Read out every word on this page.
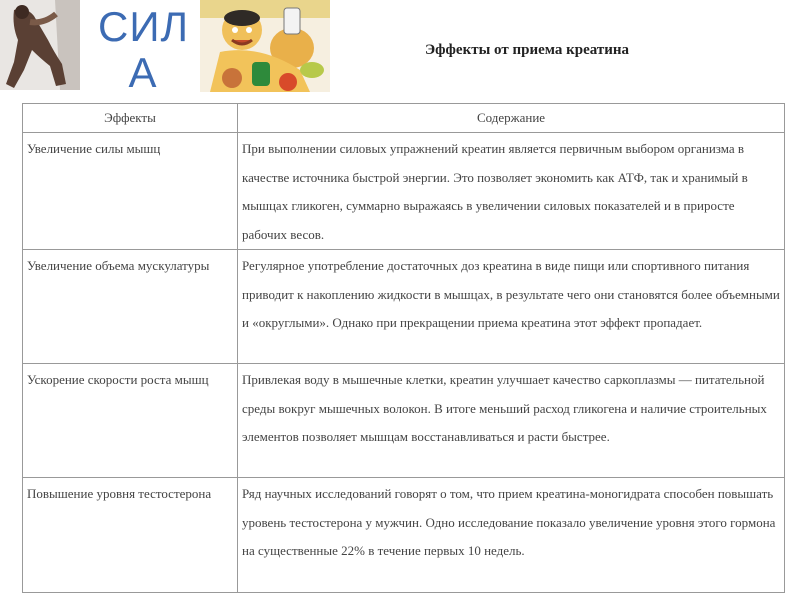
СИЛ
А	Эффекты от приема креатина
Эффекты	Содержание
Увеличение силы мышц	При выполнении силовых упражнений креатин является первичным выбором организма в качестве источника быстрой энергии. Это позволяет экономить как АТФ, так и хранимый в мышцах гликоген, суммарно выражаясь в увеличении силовых показателей и в приросте рабочих весов.
Увеличение объема мускулатуры	Регулярное употребление достаточных доз креатина в виде пищи или спортивного питания приводит к накоплению жидкости в мышцах, в результате чего они становятся более объемными и «округлыми». Однако при прекращении приема креатина этот эффект пропадает.
Ускорение скорости роста мышц	Привлекая воду в мышечные клетки, креатин улучшает качество саркоплазмы — питательной среды вокруг мышечных волокон. В итоге меньший расход гликогена и наличие строительных элементов позволяет мышцам восстанавливаться и расти быстрее.
Повышение уровня тестостерона	Ряд научных исследований говорят о том, что прием креатина-моногидрата способен повышать уровень тестостерона у мужчин. Одно исследование показало увеличение уровня этого гормона на существенные 22% в течение первых 10 недель.
